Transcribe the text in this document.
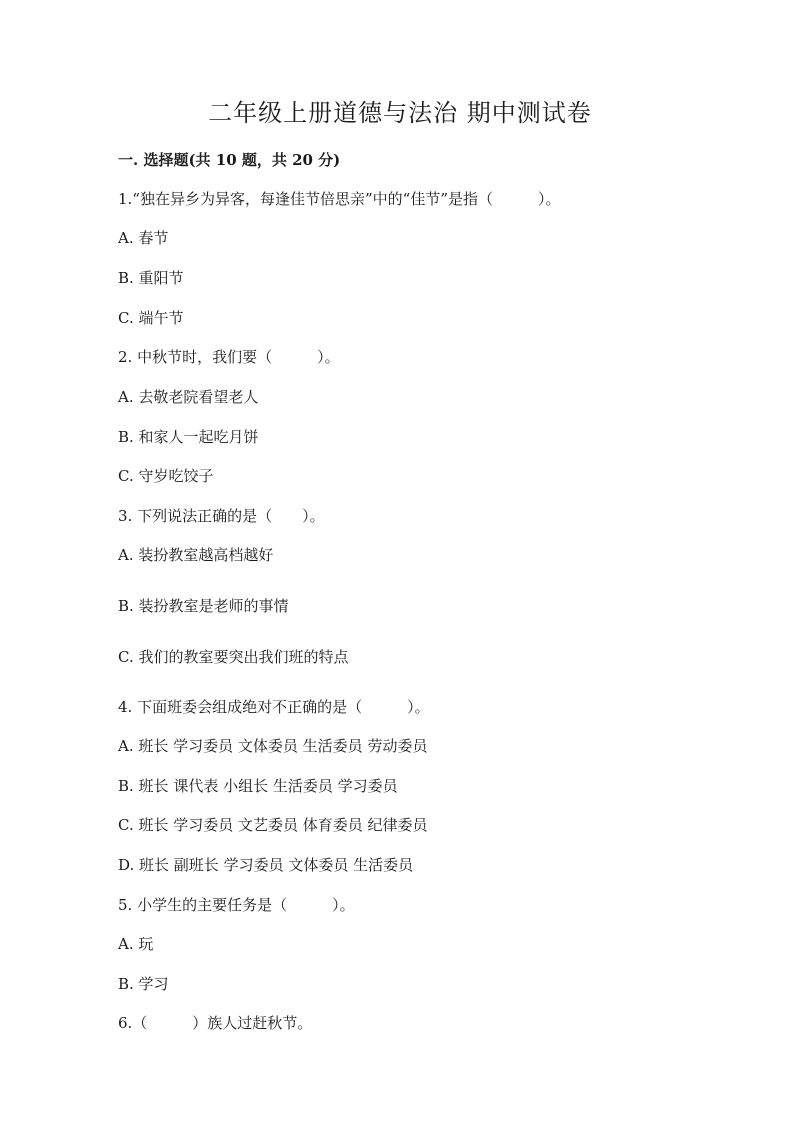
二年级上册道德与法治 期中测试卷
一. 选择题(共 10 题，共 20 分)
1.“独在异乡为异客，每逢佳节倍思亲”中的“佳节”是指（　　　）。
A. 春节
B. 重阳节
C. 端午节
2. 中秋节时，我们要（　　　）。
A. 去敬老院看望老人
B. 和家人一起吃月饼
C. 守岁吃饺子
3. 下列说法正确的是（　　）。
A. 装扮教室越高档越好
B. 装扮教室是老师的事情
C. 我们的教室要突出我们班的特点
4. 下面班委会组成绝对不正确的是（　　　）。
A. 班长 学习委员 文体委员 生活委员 劳动委员
B. 班长 课代表 小组长 生活委员 学习委员
C. 班长 学习委员 文艺委员 体育委员 纪律委员
D. 班长 副班长 学习委员 文体委员 生活委员
5. 小学生的主要任务是（　　　）。
A. 玩
B. 学习
6.（　　　）族人过赶秋节。
